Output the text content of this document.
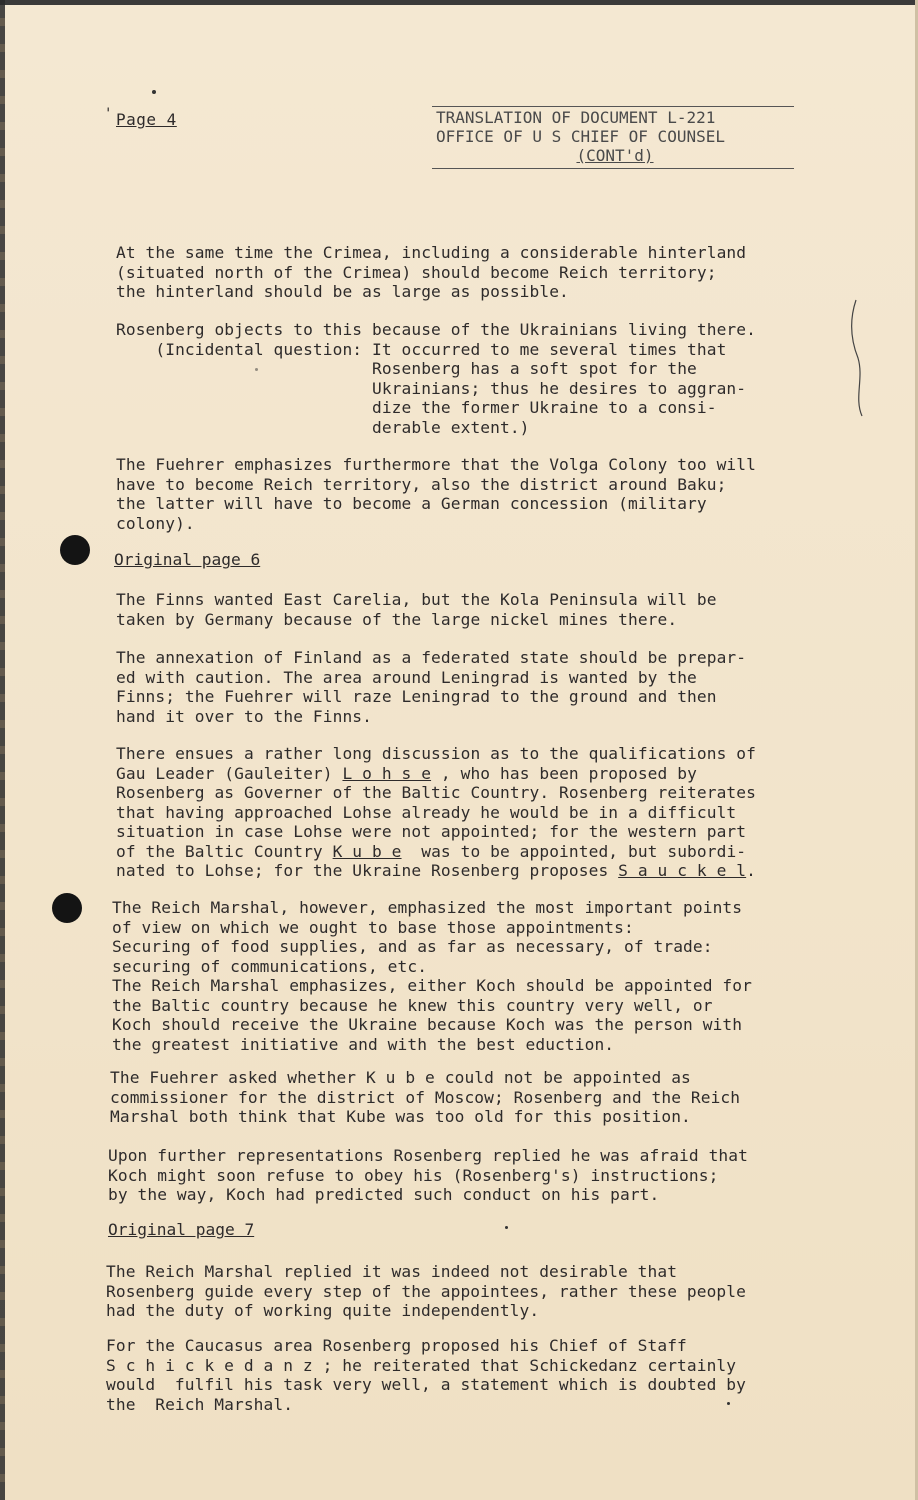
' Page 4	TRANSLATION OF DOCUMENT L-221
OFFICE OF U S CHIEF OF COUNSEL
(CONT'd)
At the same time the Crimea, including a considerable hinterland
(situated north of the Crimea) should become Reich territory;
the hinterland should be as large as possible.
Rosenberg objects to this because of the Ukrainians living there.
(Incidental question: It occurred to me several times that
Rosenberg has a soft spot for the
Ukrainians; thus he desires to aggran-
dize the former Ukraine to a consi-
derable extent.)
The Fuehrer emphasizes furthermore that the Volga Colony too will
have to become Reich territory, also the district around Baku;
the latter will have to become a German concession (military
colony).
Original page 6
The Finns wanted East Carelia, but the Kola Peninsula will be
taken by Germany because of the large nickel mines there.
The annexation of Finland as a federated state should be prepar-
ed with caution. The area around Leningrad is wanted by the
Finns; the Fuehrer will raze Leningrad to the ground and then
hand it over to the Finns.
There ensues a rather long discussion as to the qualifications of
Gau Leader (Gauleiter) L o h s e , who has been proposed by
Rosenberg as Governer of the Baltic Country. Rosenberg reiterates
that having approached Lohse already he would be in a difficult
situation in case Lohse were not appointed; for the western part
of the Baltic Country K u b e  was to be appointed, but subordi-
nated to Lohse; for the Ukraine Rosenberg proposes S a u c k e l.
The Reich Marshal, however, emphasized the most important points
of view on which we ought to base those appointments:
Securing of food supplies, and as far as necessary, of trade:
securing of communications, etc.
The Reich Marshal emphasizes, either Koch should be appointed for
the Baltic country because he knew this country very well, or
Koch should receive the Ukraine because Koch was the person with
the greatest initiative and with the best eduction.
The Fuehrer asked whether K u b e could not be appointed as
commissioner for the district of Moscow; Rosenberg and the Reich
Marshal both think that Kube was too old for this position.
Upon further representations Rosenberg replied he was afraid that
Koch might soon refuse to obey his (Rosenberg's) instructions;
by the way, Koch had predicted such conduct on his part.
Original page 7
The Reich Marshal replied it was indeed not desirable that
Rosenberg guide every step of the appointees, rather these people
had the duty of working quite independently.
For the Caucasus area Rosenberg proposed his Chief of Staff
S c h i c k e d a n z ; he reiterated that Schickedanz certainly
would  fulfil his task very well, a statement which is doubted by
the  Reich Marshal.
